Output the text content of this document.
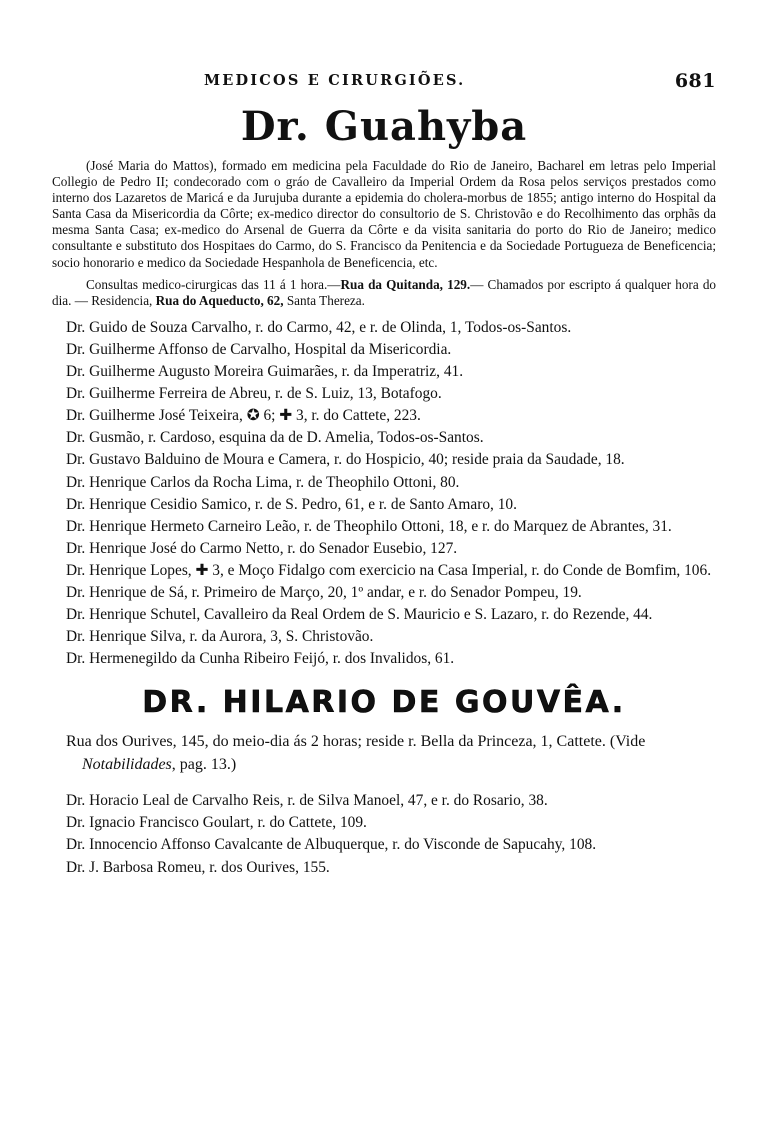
MEDICOS E CIRURGIÕES.	681
Dr. Guahyba

(José Maria do Mattos), formado em medicina pela Faculdade do Rio de Janeiro, Bacharel em letras pelo Imperial Collegio de Pedro II; condecorado com o gráo de Cavalleiro da Imperial Ordem da Rosa pelos serviços prestados como interno dos Lazaretos de Maricá e da Jurujuba durante a epidemia do cholera-morbus de 1855; antigo interno do Hospital da Santa Casa da Misericordia da Côrte; ex-medico director do consultorio de S. Christovão e do Recolhimento das orphãs da mesma Santa Casa; ex-medico do Arsenal de Guerra da Côrte e da visita sanitaria do porto do Rio de Janeiro; medico consultante e substituto dos Hospitaes do Carmo, do S. Francisco da Penitencia e da Sociedade Portugueza de Beneficencia; socio honorario e medico da Sociedade Hespanhola de Beneficencia, etc.

Consultas medico-cirurgicas das 11 á 1 hora.—Rua da Quitanda, 129.— Chamados por escripto á qualquer hora do dia. — Residencia, Rua do Aqueducto, 62, Santa Thereza.

Dr. Guido de Souza Carvalho, r. do Carmo, 42, e r. de Olinda, 1, Todos-os-Santos.

Dr. Guilherme Affonso de Carvalho, Hospital da Misericordia.

Dr. Guilherme Augusto Moreira Guimarães, r. da Imperatriz, 41.

Dr. Guilherme Ferreira de Abreu, r. de S. Luiz, 13, Botafogo.

Dr. Guilherme José Teixeira, ✪ 6; ✚ 3, r. do Cattete, 223.

Dr. Gusmão, r. Cardoso, esquina da de D. Amelia, Todos-os-Santos.

Dr. Gustavo Balduino de Moura e Camera, r. do Hospicio, 40; reside praia da Saudade, 18.

Dr. Henrique Carlos da Rocha Lima, r. de Theophilo Ottoni, 80.

Dr. Henrique Cesidio Samico, r. de S. Pedro, 61, e r. de Santo Amaro, 10.

Dr. Henrique Hermeto Carneiro Leão, r. de Theophilo Ottoni, 18, e r. do Marquez de Abrantes, 31.

Dr. Henrique José do Carmo Netto, r. do Senador Eusebio, 127.

Dr. Henrique Lopes, ✚ 3, e Moço Fidalgo com exercicio na Casa Imperial, r. do Conde de Bomfim, 106.

Dr. Henrique de Sá, r. Primeiro de Março, 20, 1º andar, e r. do Senador Pompeu, 19.

Dr. Henrique Schutel, Cavalleiro da Real Ordem de S. Mauricio e S. Lazaro, r. do Rezende, 44.

Dr. Henrique Silva, r. da Aurora, 3, S. Christovão.

Dr. Hermenegildo da Cunha Ribeiro Feijó, r. dos Invalidos, 61.

DR. HILARIO DE GOUVÊA.

Rua dos Ourives, 145, do meio-dia ás 2 horas; reside r. Bella da Princeza, 1, Cattete. (Vide Notabilidades, pag. 13.)

Dr. Horacio Leal de Carvalho Reis, r. de Silva Manoel, 47, e r. do Rosario, 38.

Dr. Ignacio Francisco Goulart, r. do Cattete, 109.

Dr. Innocencio Affonso Cavalcante de Albuquerque, r. do Visconde de Sapucahy, 108.

Dr. J. Barbosa Romeu, r. dos Ourives, 155.
